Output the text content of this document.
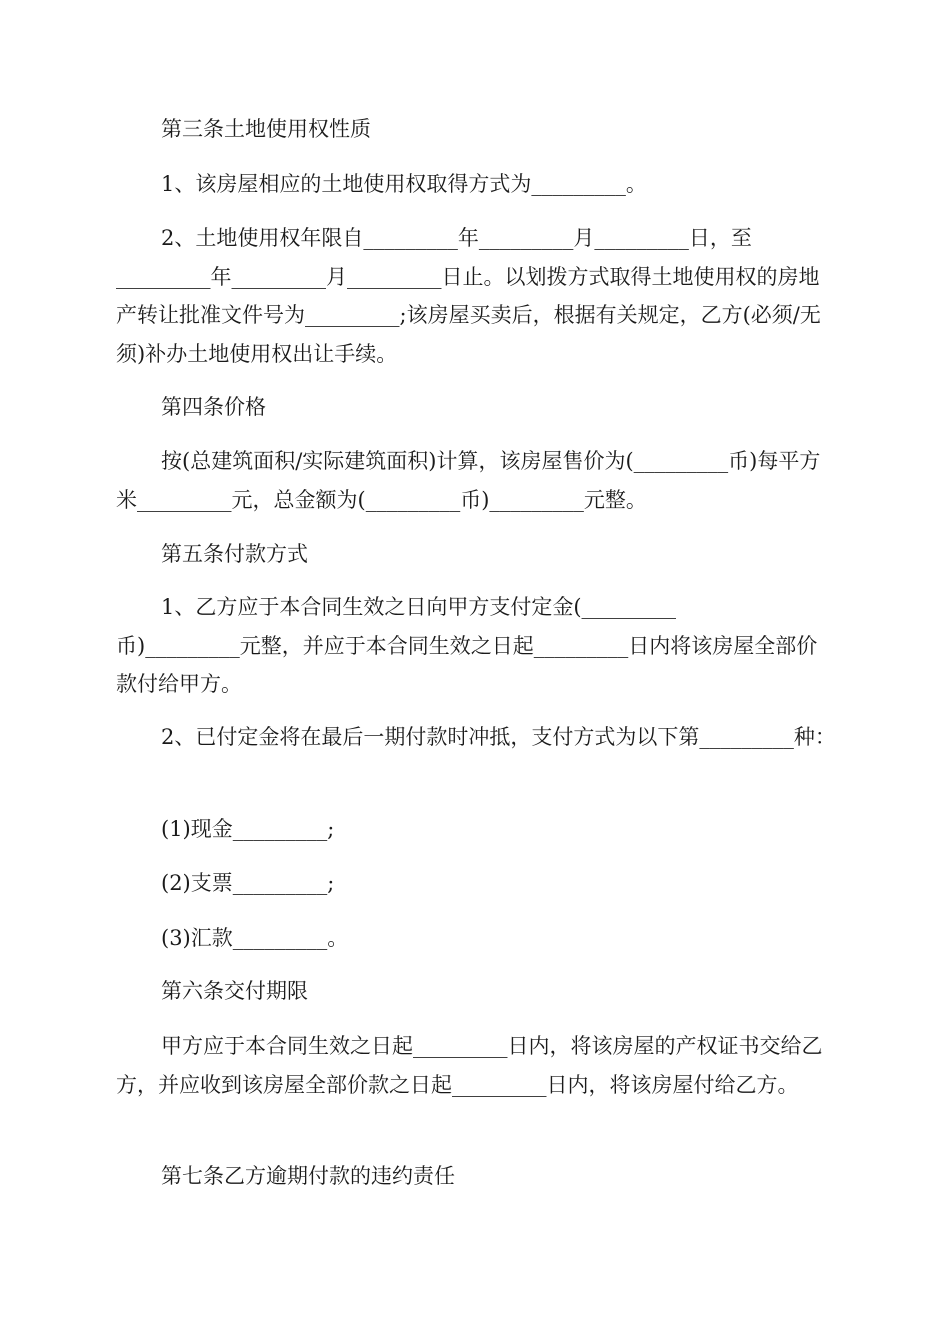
第三条土地使用权性质

1、该房屋相应的土地使用权取得方式为_________。

2、土地使用权年限自_________年_________月_________日，至_________年_________月_________日止。以划拨方式取得土地使用权的房地产转让批准文件号为_________;该房屋买卖后，根据有关规定，乙方(必须/无须)补办土地使用权出让手续。

第四条价格

按(总建筑面积/实际建筑面积)计算，该房屋售价为(_________币)每平方米_________元，总金额为(_________币)_________元整。

第五条付款方式

1、乙方应于本合同生效之日向甲方支付定金(_________
币)_________元整，并应于本合同生效之日起_________日内将该房屋全部价款付给甲方。

2、已付定金将在最后一期付款时冲抵，支付方式为以下第_________种：

(1)现金_________;

(2)支票_________;

(3)汇款_________。

第六条交付期限

甲方应于本合同生效之日起_________日内，将该房屋的产权证书交给乙方，并应收到该房屋全部价款之日起_________日内，将该房屋付给乙方。

第七条乙方逾期付款的违约责任
